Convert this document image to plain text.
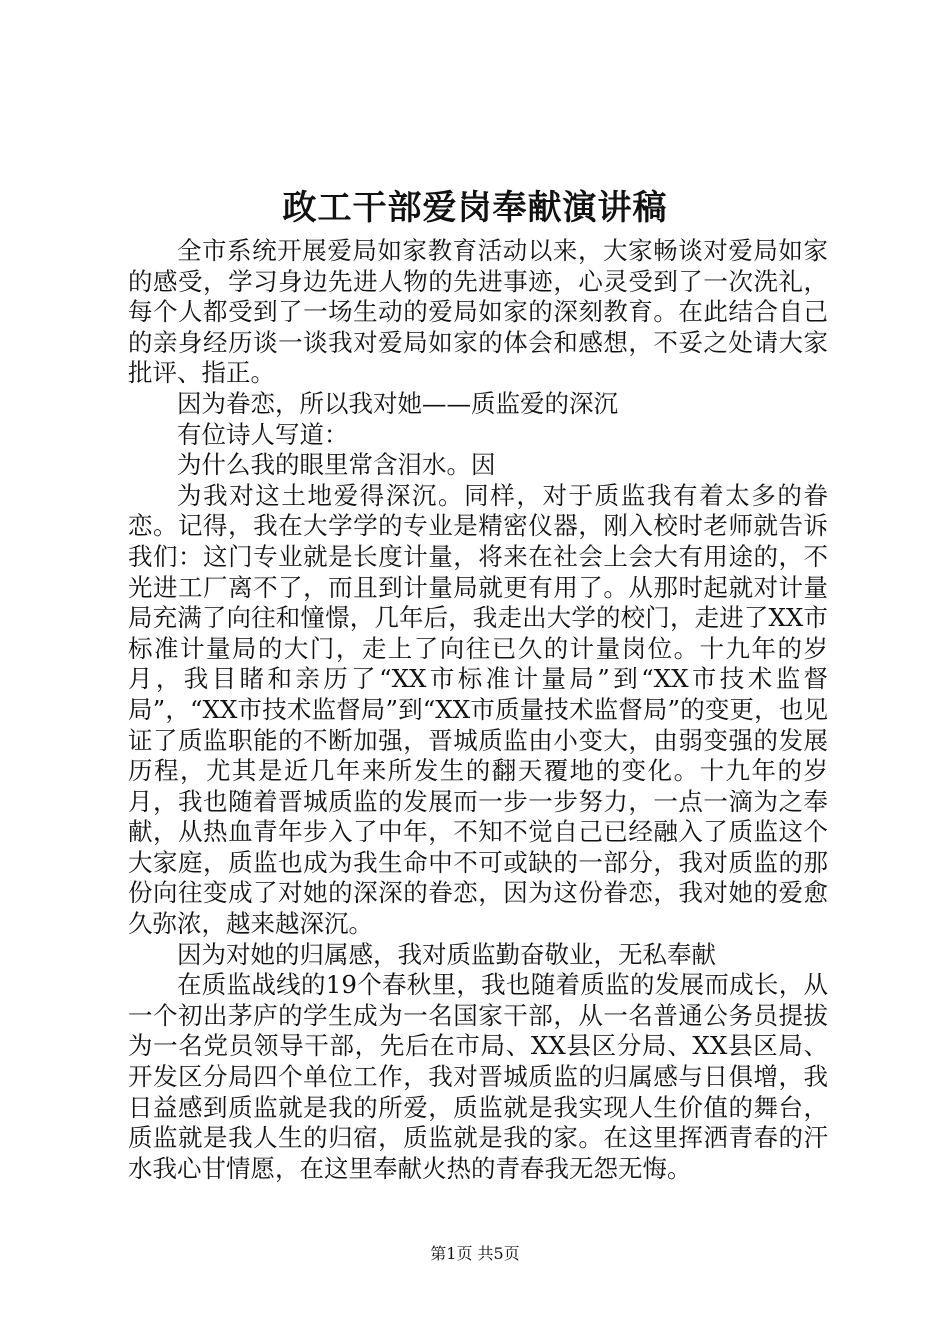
政工干部爱岗奉献演讲稿

全市系统开展爱局如家教育活动以来，大家畅谈对爱局如家的感受，学习身边先进人物的先进事迹，心灵受到了一次洗礼，每个人都受到了一场生动的爱局如家的深刻教育。在此结合自己的亲身经历谈一谈我对爱局如家的体会和感想，不妥之处请大家批评、指正。

因为眷恋，所以我对她——质监爱的深沉

有位诗人写道：

为什么我的眼里常含泪水。因

为我对这土地爱得深沉。同样，对于质监我有着太多的眷恋。记得，我在大学学的专业是精密仪器，刚入校时老师就告诉我们：这门专业就是长度计量，将来在社会上会大有用途的，不光进工厂离不了，而且到计量局就更有用了。从那时起就对计量局充满了向往和憧憬，几年后，我走出大学的校门，走进了XX市标准计量局的大门，走上了向往已久的计量岗位。十九年的岁月，我目睹和亲历了“XX市标准计量局”到“XX市技术监督局”，“XX市技术监督局”到“XX市质量技术监督局”的变更，也见证了质监职能的不断加强，晋城质监由小变大，由弱变强的发展历程，尤其是近几年来所发生的翻天覆地的变化。十九年的岁月，我也随着晋城质监的发展而一步一步努力，一点一滴为之奉献，从热血青年步入了中年，不知不觉自己已经融入了质监这个大家庭，质监也成为我生命中不可或缺的一部分，我对质监的那份向往变成了对她的深深的眷恋，因为这份眷恋，我对她的爱愈久弥浓，越来越深沉。

因为对她的归属感，我对质监勤奋敬业，无私奉献

在质监战线的19个春秋里，我也随着质监的发展而成长，从一个初出茅庐的学生成为一名国家干部，从一名普通公务员提拔为一名党员领导干部，先后在市局、XX县区分局、XX县区局、开发区分局四个单位工作，我对晋城质监的归属感与日俱增，我日益感到质监就是我的所爱，质监就是我实现人生价值的舞台，质监就是我人生的归宿，质监就是我的家。在这里挥洒青春的汗水我心甘情愿，在这里奉献火热的青春我无怨无悔。

第1页 共5页
